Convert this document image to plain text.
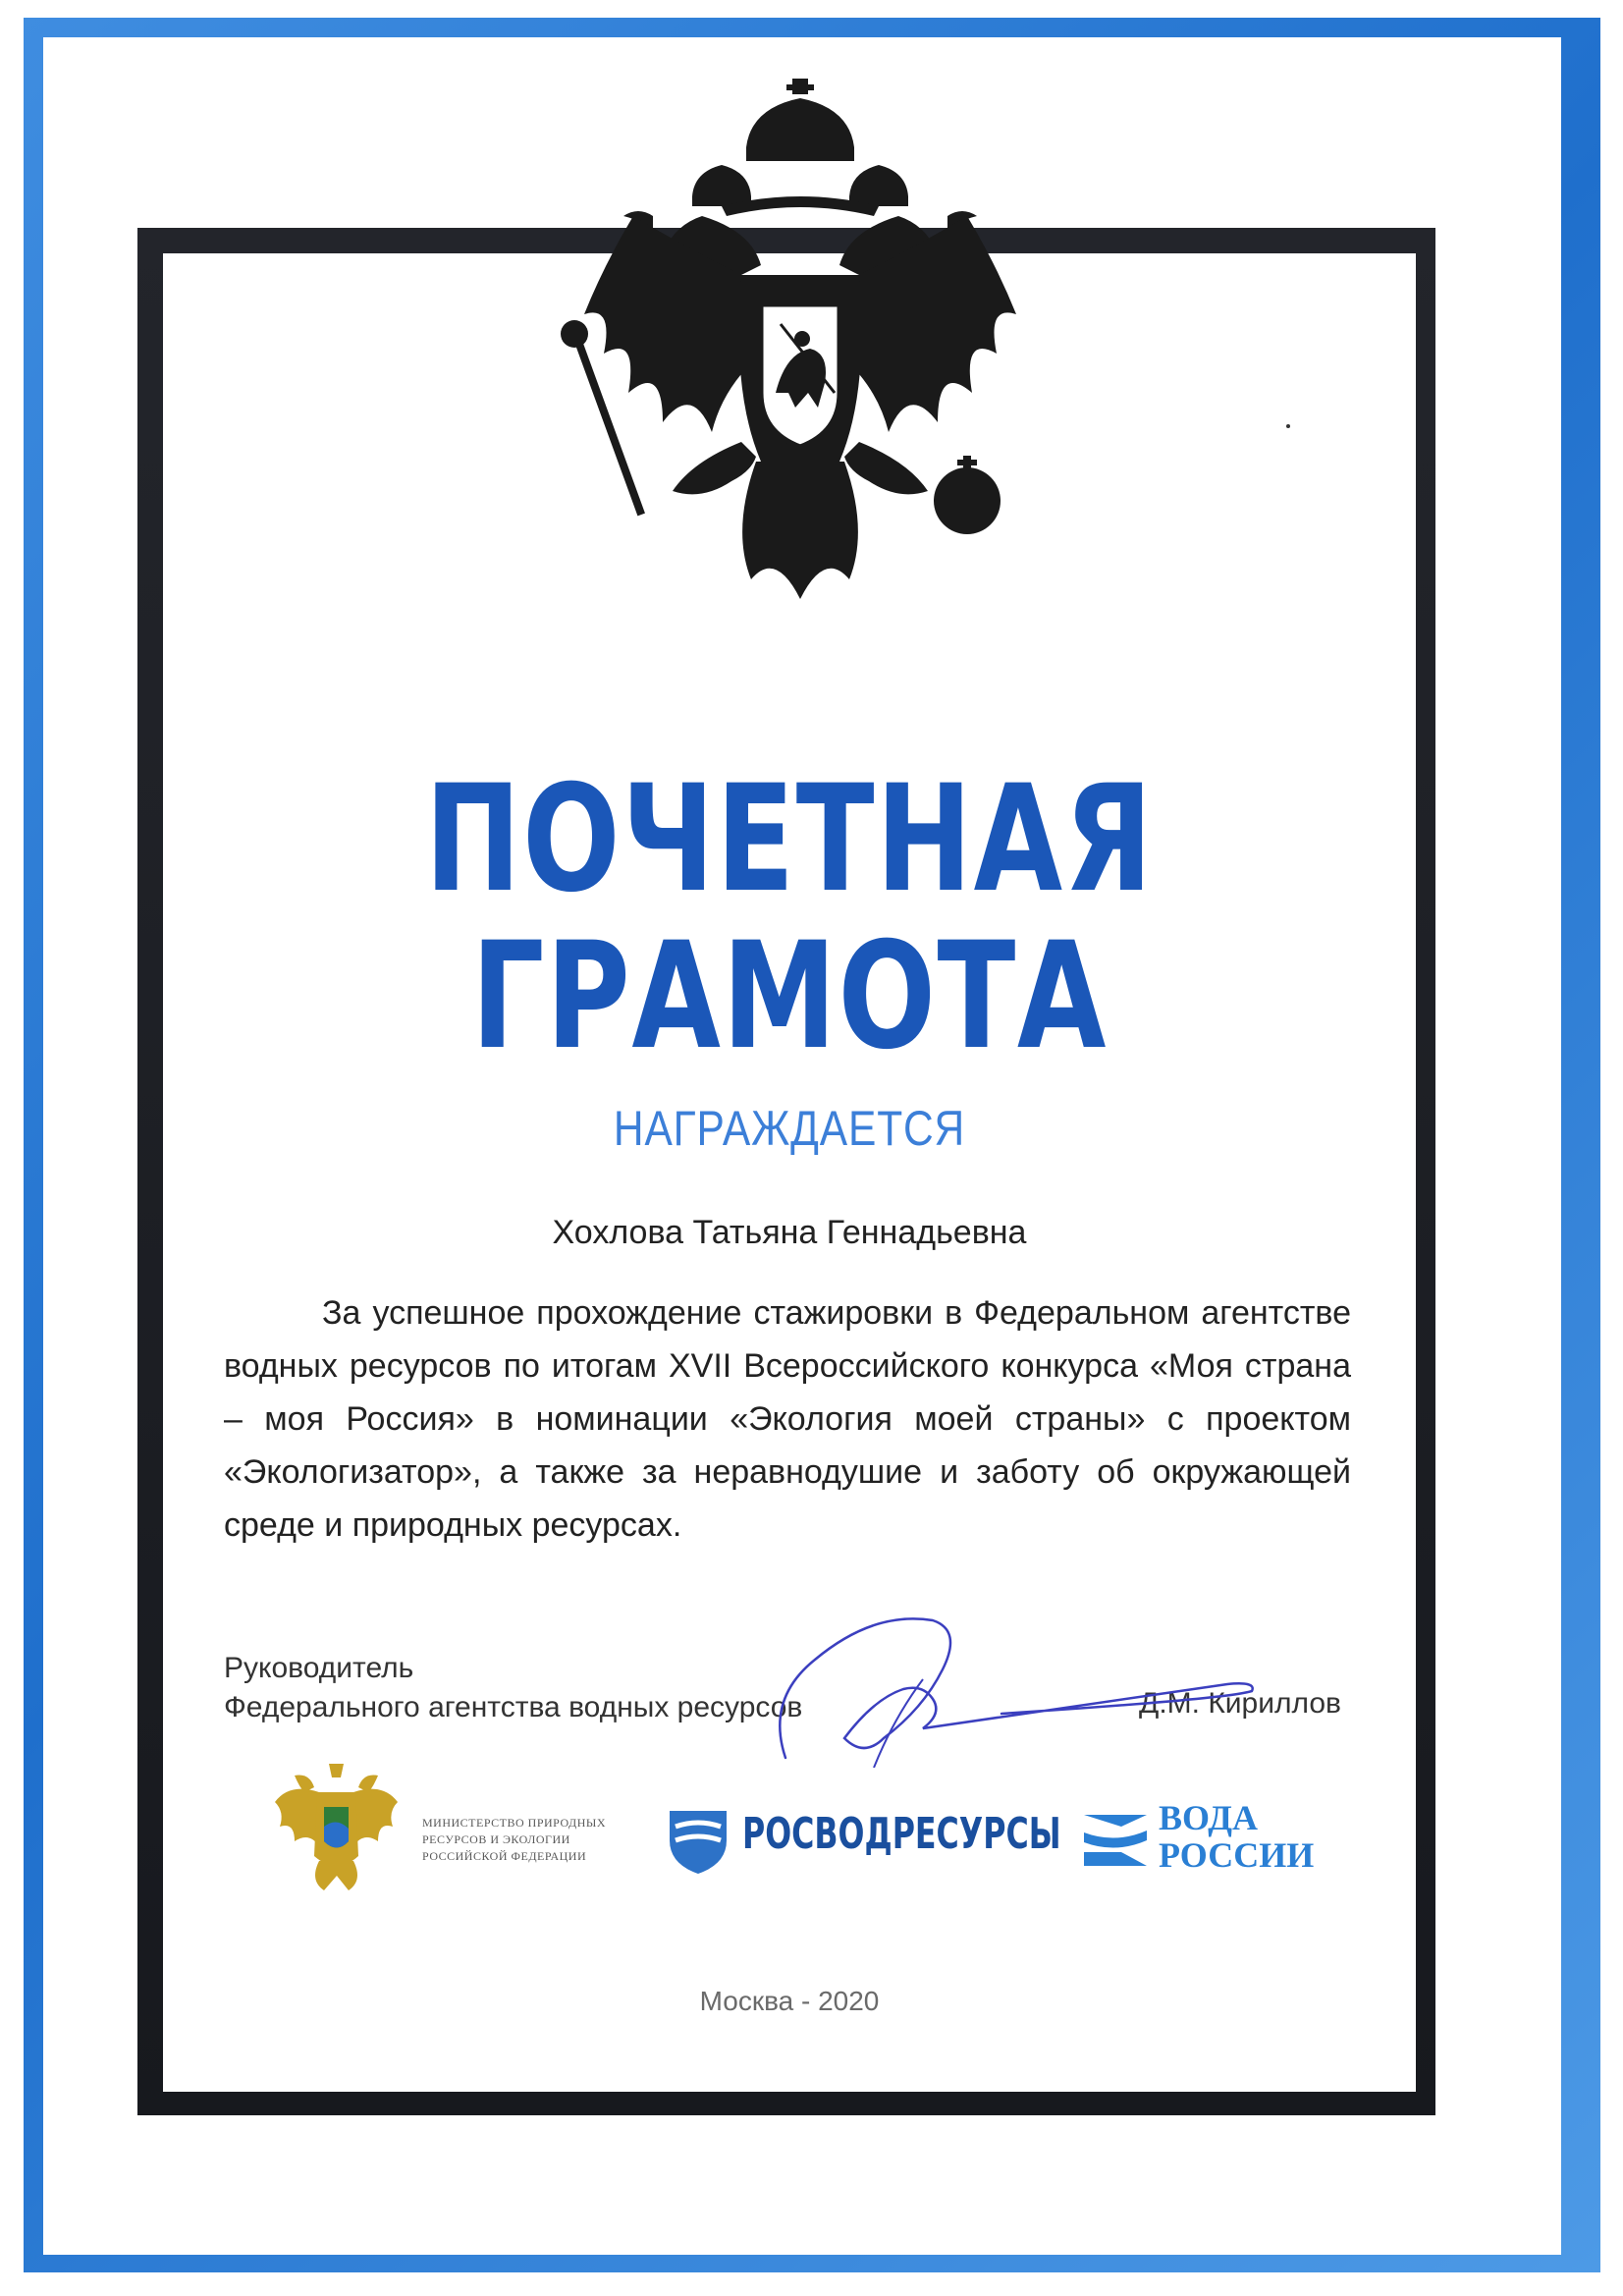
ПОЧЕТНАЯ
ГРАМОТА
НАГРАЖДАЕТСЯ
Хохлова Татьяна Геннадьевна

За успешное прохождение стажировки в Федеральном агентстве водных ресурсов по итогам XVII Всероссийского конкурса «Моя страна – моя Россия» в номинации «Экология моей страны» с проектом «Экологизатор», а также за неравнодушие и заботу об окружающей среде и природных ресурсах.

Руководитель
Федерального агентства водных ресурсов	Д.М. Кириллов
МИНИСТЕРСТВО ПРИРОДНЫХ
РЕСУРСОВ И ЭКОЛОГИИ
РОССИЙСКОЙ ФЕДЕРАЦИИ	РОСВОДРЕСУРСЫ	ВОДА
РОССИИ
Москва - 2020
